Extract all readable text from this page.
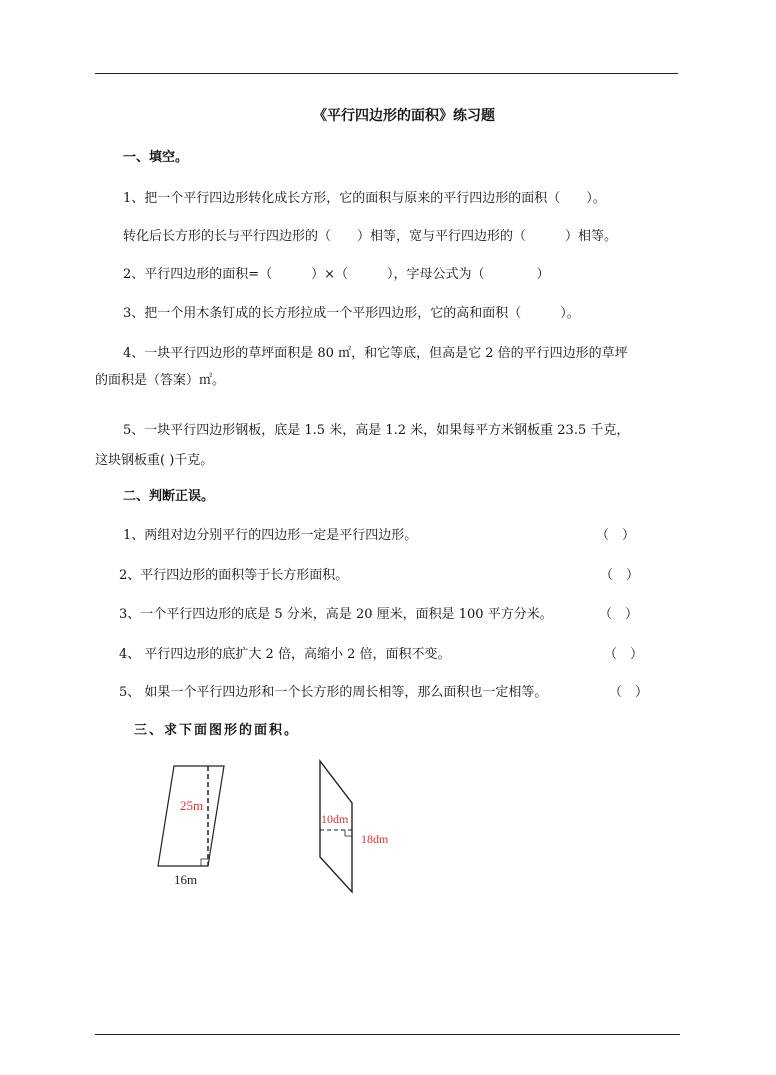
《平行四边形的面积》练习题
一、填空。
1、把一个平行四边形转化成长方形，它的面积与原来的平行四边形的面积（　　）。
转化后长方形的长与平行四边形的（　　）相等，宽与平行四边形的（　　　）相等。
2、平行四边形的面积=（　　　）×（　　　），字母公式为（　　　　）
3、把一个用木条钉成的长方形拉成一个平形四边形，它的高和面积（　　　）。
4、一块平行四边形的草坪面积是 80 ㎡，和它等底，但高是它 2 倍的平行四边形的草坪
的面积是（答案）㎡。
5、一块平行四边形钢板，底是 1.5 米，高是 1.2 米，如果每平方米钢板重 23.5 千克，
这块钢板重( )千克。
二、判断正误。
1、两组对边分别平行的四边形一定是平行四边形。	（　）
2、平行四边形的面积等于长方形面积。	（　）
3、一个平行四边形的底是 5 分米，高是 20 厘米，面积是 100 平方分米。	（　）
4、 平行四边形的底扩大 2 倍，高缩小 2 倍，面积不变。	（　）
5、 如果一个平行四边形和一个长方形的周长相等，那么面积也一定相等。	（　）
三、求下面图形的面积。
25m
16m
10dm
18dm
